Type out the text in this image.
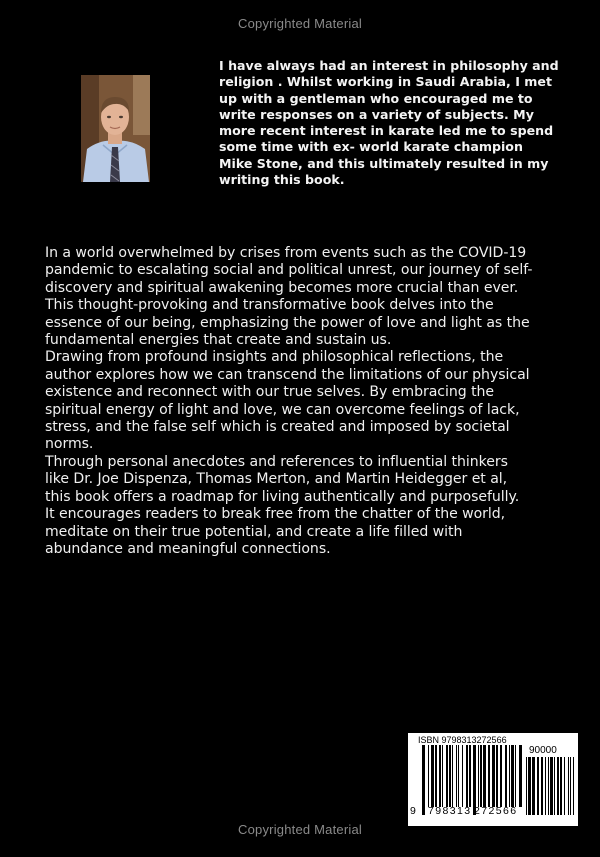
Copyrighted Material
I have always had an interest in philosophy and
religion . Whilst working in Saudi Arabia, I met
up with a gentleman who encouraged me to
write responses on a variety of subjects. My
more recent interest in karate led me to spend
some time with ex- world karate champion
Mike Stone, and this ultimately resulted in my
writing this book.

In a world overwhelmed by crises from events such as the COVID-19

pandemic to escalating social and political unrest, our journey of self-

discovery and spiritual awakening becomes more crucial than ever.

This thought-provoking and transformative book delves into the

essence of our being, emphasizing the power of love and light as the

fundamental energies that create and sustain us.

Drawing from profound insights and philosophical reflections, the

author explores how we can transcend the limitations of our physical

existence and reconnect with our true selves. By embracing the

spiritual energy of light and love, we can overcome feelings of lack,

stress, and the false self which is created and imposed by societal

norms.

Through personal anecdotes and references to influential thinkers

like Dr. Joe Dispenza, Thomas Merton, and Martin Heidegger et al,

this book offers a roadmap for living authentically and purposefully.

It encourages readers to break free from the chatter of the world,

meditate on their true potential, and create a life filled with

abundance and meaningful connections.

ISBN 9798313272566
90000
9 798313 272566
Copyrighted Material
